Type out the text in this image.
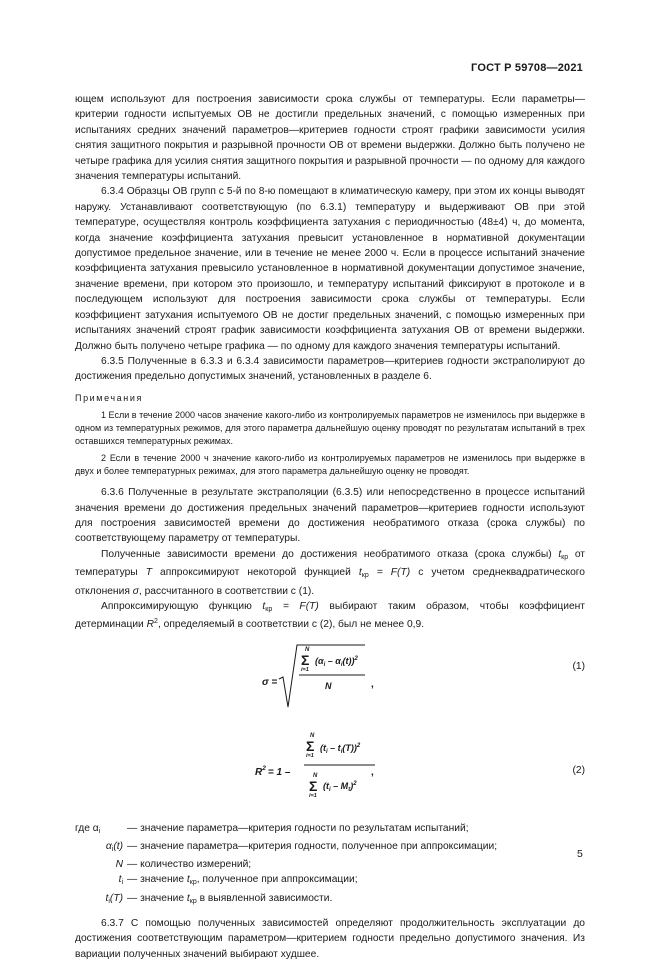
ГОСТ Р 59708—2021

ющем используют для построения зависимости срока службы от температуры. Если параметры—критерии годности испытуемых ОВ не достигли предельных значений, с помощью измеренных при испытаниях средних значений параметров—критериев годности строят графики зависимости усилия снятия защитного покрытия и разрывной прочности ОВ от времени выдержки. Должно быть получено не четыре графика для усилия снятия защитного покрытия и разрывной прочности — по одному для каждого значения температуры испытаний.

6.3.4 Образцы ОВ групп с 5-й по 8-ю помещают в климатическую камеру, при этом их концы выводят наружу. Устанавливают соответствующую (по 6.3.1) температуру и выдерживают ОВ при этой температуре, осуществляя контроль коэффициента затухания с периодичностью (48±4) ч, до момента, когда значение коэффициента затухания превысит установленное в нормативной документации допустимое предельное значение, или в течение не менее 2000 ч. Если в процессе испытаний значение коэффициента затухания превысило установленное в нормативной документации допустимое значение, значение времени, при котором это произошло, и температуру испытаний фиксируют в протоколе и в последующем используют для построения зависимости срока службы от температуры. Если коэффициент затухания испытуемого ОВ не достиг предельных значений, с помощью измеренных при испытаниях значений строят график зависимости коэффициента затухания ОВ от времени выдержки. Должно быть получено четыре графика — по одному для каждого значения температуры испытаний.

6.3.5 Полученные в 6.3.3 и 6.3.4 зависимости параметров—критериев годности экстраполируют до достижения предельно допустимых значений, установленных в разделе 6.

Примечания

1 Если в течение 2000 часов значение какого-либо из контролируемых параметров не изменилось при выдержке в одном из температурных режимов, для этого параметра дальнейшую оценку проводят по результатам испытаний в трех оставшихся температурных режимах.

2 Если в течение 2000 ч значение какого-либо из контролируемых параметров не изменилось при выдержке в двух и более температурных режимах, для этого параметра дальнейшую оценку не проводят.

6.3.6 Полученные в результате экстраполяции (6.3.5) или непосредственно в процессе испытаний значения времени до достижения предельных значений параметров—критериев годности используют для построения зависимостей времени до достижения необратимого отказа (срока службы) по соответствующему параметру от температуры.

Полученные зависимости времени до достижения необратимого отказа (срока службы) $t_{кр}$ от температуры T аппроксимируют некоторой функцией $t_{кр} = F(T)$ с учетом среднеквадратического отклонения σ, рассчитанного в соответствии с (1).

Аппроксимирующую функцию $t_{кр} = F(T)$ выбирают таким образом, чтобы коэффициент детерминации $R^2$, определяемый в соответствии с (2), был не менее 0,9.

σ =
N
Σ
i=1
$(\alpha_i - \alpha_i(t))^2$
N	,
(1)
$R^2 = 1$ –
N
Σ
i=1
$(t_i - t_i(T))^2$
N
Σ
i=1
$(t_i - M_t)^2$
,	(2)
где $\alpha_i$	— значение параметра—критерия годности по результатам испытаний;
$\alpha_i(t)$ — значение параметра—критерия годности, полученное при аппроксимации;
N — количество измерений;
$t_i$ — значение $t_{кр}$, полученное при аппроксимации;
$t_i(T)$ — значение $t_{кр}$ в выявленной зависимости.

6.3.7 С помощью полученных зависимостей определяют продолжительность эксплуатации до достижения соответствующим параметром—критерием годности предельно допустимого значения. Из вариации полученных значений выбирают худшее.

5
